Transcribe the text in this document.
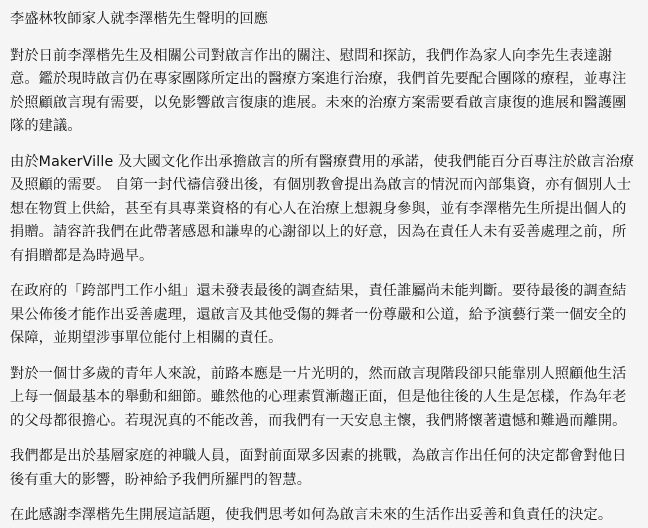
李盛林牧師家人就李澤楷先生聲明的回應

對於日前李澤楷先生及相關公司對啟言作出的關注、慰問和探訪，我們作為家人向李先生表達謝意。鑑於現時啟言仍在專家團隊所定出的醫療方案進行治療，我們首先要配合團隊的療程，並專注於照顧啟言現有需要，以免影響啟言復康的進展。未來的治療方案需要看啟言康復的進展和醫護團隊的建議。

由於MakerVille 及大國文化作出承擔啟言的所有醫療費用的承諾，使我們能百分百專注於啟言治療及照顧的需要。 自第一封代禱信發出後，有個別教會提出為啟言的情況而內部集資，亦有個別人士想在物質上供給，甚至有具專業資格的有心人在治療上想親身參與，並有李澤楷先生所提出個人的捐贈。請容許我們在此帶著感恩和謙卑的心謝卻以上的好意，因為在責任人未有妥善處理之前，所有捐贈都是為時過早。

在政府的「跨部門工作小組」還未發表最後的調查結果，責任誰屬尚未能判斷。要待最後的調查結果公佈後才能作出妥善處理，還啟言及其他受傷的舞者一份尊嚴和公道，給予演藝行業一個安全的保障，並期望涉事單位能付上相關的責任。

對於一個廿多歲的青年人來說，前路本應是一片光明的，然而啟言現階段卻只能靠別人照顧他生活上每一個最基本的舉動和細節。雖然他的心理素質漸趨正面，但是他往後的人生是怎樣，作為年老的父母都很擔心。若現況真的不能改善，而我們有一天安息主懷，我們將懷著遺憾和難過而離開。

我們都是出於基層家庭的神職人員，面對前面眾多因素的挑戰，為啟言作出任何的決定都會對他日後有重大的影響，盼神給予我們所羅門的智慧。

在此感謝李澤楷先生開展這話題，使我們思考如何為啟言未來的生活作出妥善和負責任的決定。
